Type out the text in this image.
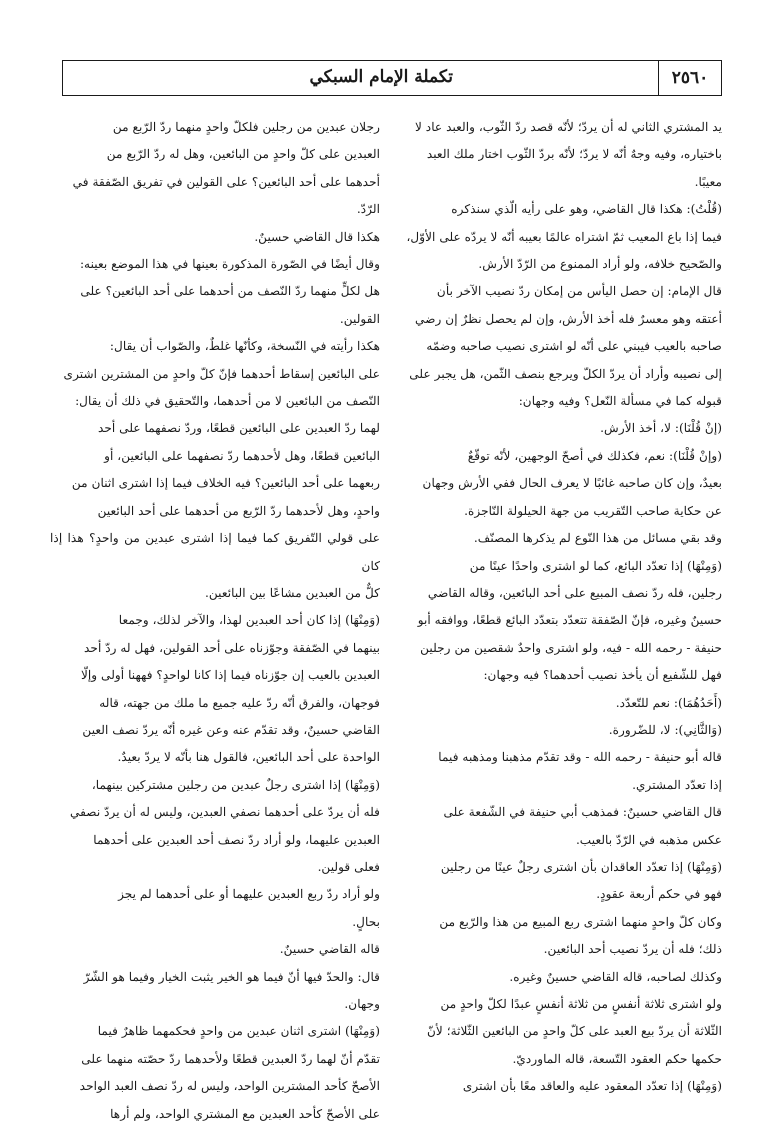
٢٥٦٠
تكملة الإمام السبكي

يد المشتري الثاني له أن يردّ؛ لأنّه قصد ردّ الثّوب، والعبد عاد لا

باختياره، وفيه وجهٌ أنّه لا يردّ؛ لأنّه بردّ الثّوب اختار ملك العبد

معيبًا.

(قُلْتُ): هكذا قال القاضي، وهو على رأيه الّذي سنذكره

فيما إذا باع المعيب ثمّ اشتراه عالمًا بعيبه أنّه لا يردّه على الأوّل،

والصّحيح خلافه، ولو أراد الممنوع من الرّدّ الأرش.

قال الإمام: إن حصل اليأس من إمكان ردّ نصيب الآخر بأن

أعتقه وهو معسرٌ فله أخذ الأرش، وإن لم يحصل نظرٌ إن رضي

صاحبه بالعيب فيبني على أنّه لو اشترى نصيب صاحبه وضمّه

إلى نصيبه وأراد أن يردّ الكلّ ويرجع بنصف الثّمن، هل يجبر على

قبوله كما في مسألة النّعل؟ وفيه وجهان:

(إنْ قُلْنَا): لا، أخذ الأرش.

(وإنْ قُلْنَا): نعم، فكذلك في أصحّ الوجهين، لأنّه توقّعٌ

بعيدٌ، وإن كان صاحبه غائبًا لا يعرف الحال ففي الأرش وجهان

عن حكاية صاحب التّقريب من جهة الحيلولة النّاجزة.

وقد بقي مسائل من هذا النّوع لم يذكرها المصنّف.

(وَمِنْهَا) إذا تعدّد البائع، كما لو اشترى واحدًا عينًا من

رجلين، فله ردّ نصف المبيع على أحد البائعين، وقاله القاضي

حسينٌ وغيره، فإنّ الصّفقة تتعدّد بتعدّد البائع قطعًا، ووافقه أبو

حنيفة - رحمه الله - فيه، ولو اشترى واحدٌ شقصين من رجلين

فهل للشّفيع أن يأخذ نصيب أحدهما؟ فيه وجهان:

(أَحَدُهُمَا): نعم للتّعدّد.

(وَالثَّانِي): لا، للضّرورة.

قاله أبو حنيفة - رحمه الله - وقد تقدّم مذهبنا ومذهبه فيما

إذا تعدّد المشتري.

قال القاضي حسينٌ: فمذهب أبي حنيفة في الشّفعة على

عكس مذهبه في الرّدّ بالعيب.

(وَمِنْهَا) إذا تعدّد العاقدان بأن اشترى رجلٌ عينًا من رجلين

فهو في حكم أربعة عقودٍ.

وكان كلّ واحدٍ منهما اشترى ربع المبيع من هذا والرّبع من

ذلك؛ فله أن يردّ نصيب أحد البائعين.

وكذلك لصاحبه، قاله القاضي حسينٌ وغيره.

ولو اشترى ثلاثة أنفسٍ من ثلاثة أنفسٍ عبدًا لكلّ واحدٍ من

الثّلاثة أن يردّ بيع العبد على كلّ واحدٍ من البائعين الثّلاثة؛ لأنّ

حكمها حكم العقود التّسعة، قاله الماورديّ.

(وَمِنْهَا) إذا تعدّد المعقود عليه والعاقد معًا بأن اشترى

رجلان عبدين من رجلين فلكلّ واحدٍ منهما ردّ الرّبع من

العبدين على كلّ واحدٍ من البائعين، وهل له ردّ الرّبع من

أحدهما على أحد البائعين؟ على القولين في تفريق الصّفقة في

الرّدّ.

هكذا قال القاضي حسينٌ.

وقال أيضًا في الصّورة المذكورة بعينها في هذا الموضع بعينه:

هل لكلٍّ منهما ردّ النّصف من أحدهما على أحد البائعين؟ على

القولين.

هكذا رأيته في النّسخة، وكأنّها غلطٌ، والصّواب أن يقال:

على البائعين إسقاط أحدهما فإنّ كلّ واحدٍ من المشترين اشترى

النّصف من البائعين لا من أحدهما، والتّحقيق في ذلك أن يقال:

لهما ردّ العبدين على البائعين قطعًا، وردّ نصفهما على أحد

البائعين قطعًا، وهل لأحدهما ردّ نصفهما على البائعين، أو

ربعهما على أحد البائعين؟ فيه الخلاف فيما إذا اشترى اثنان من

واحدٍ، وهل لأحدهما ردّ الرّبع من أحدهما على أحد البائعين

على قولي التّفريق كما فيما إذا اشترى عبدين من واحدٍ؟ هذا إذا كان

كلٌّ من العبدين مشاعًا بين البائعين.

(وَمِنْهَا) إذا كان أحد العبدين لهذا، والآخر لذلك، وجمعا

بينهما في الصّفقة وجوّزناه على أحد القولين، فهل له ردّ أحد

العبدين بالعيب إن جوّزناه فيما إذا كانا لواحدٍ؟ فههنا أولى وإلّا

فوجهان، والفرق أنّه ردّ عليه جميع ما ملك من جهته، قاله

القاضي حسينٌ، وقد تقدّم عنه وعن غيره أنّه يردّ نصف العين

الواحدة على أحد البائعين، فالقول هنا بأنّه لا يردّ بعيدٌ.

(وَمِنْهَا) إذا اشترى رجلٌ عبدين من رجلين مشتركين بينهما،

فله أن يردّ على أحدهما نصفي العبدين، وليس له أن يردّ نصفي

العبدين عليهما، ولو أراد ردّ نصف أحد العبدين على أحدهما

فعلى قولين.

ولو أراد ردّ ربع العبدين عليهما أو على أحدهما لم يجز

بحالٍ.

قاله القاضي حسينٌ.

قال: والحدّ فيها أنّ فيما هو الخير يثبت الخيار وفيما هو الشّرّ

وجهان.

(وَمِنْهَا) اشترى اثنان عبدين من واحدٍ فحكمهما ظاهرٌ فيما

تقدّم أنّ لهما ردّ العبدين قطعًا ولأحدهما ردّ حصّته منهما على

الأصحّ كأحد المشترين الواحد، وليس له ردّ نصف العبد الواحد

على الأصحّ كأحد العبدين مع المشتري الواحد، ولم أرها
